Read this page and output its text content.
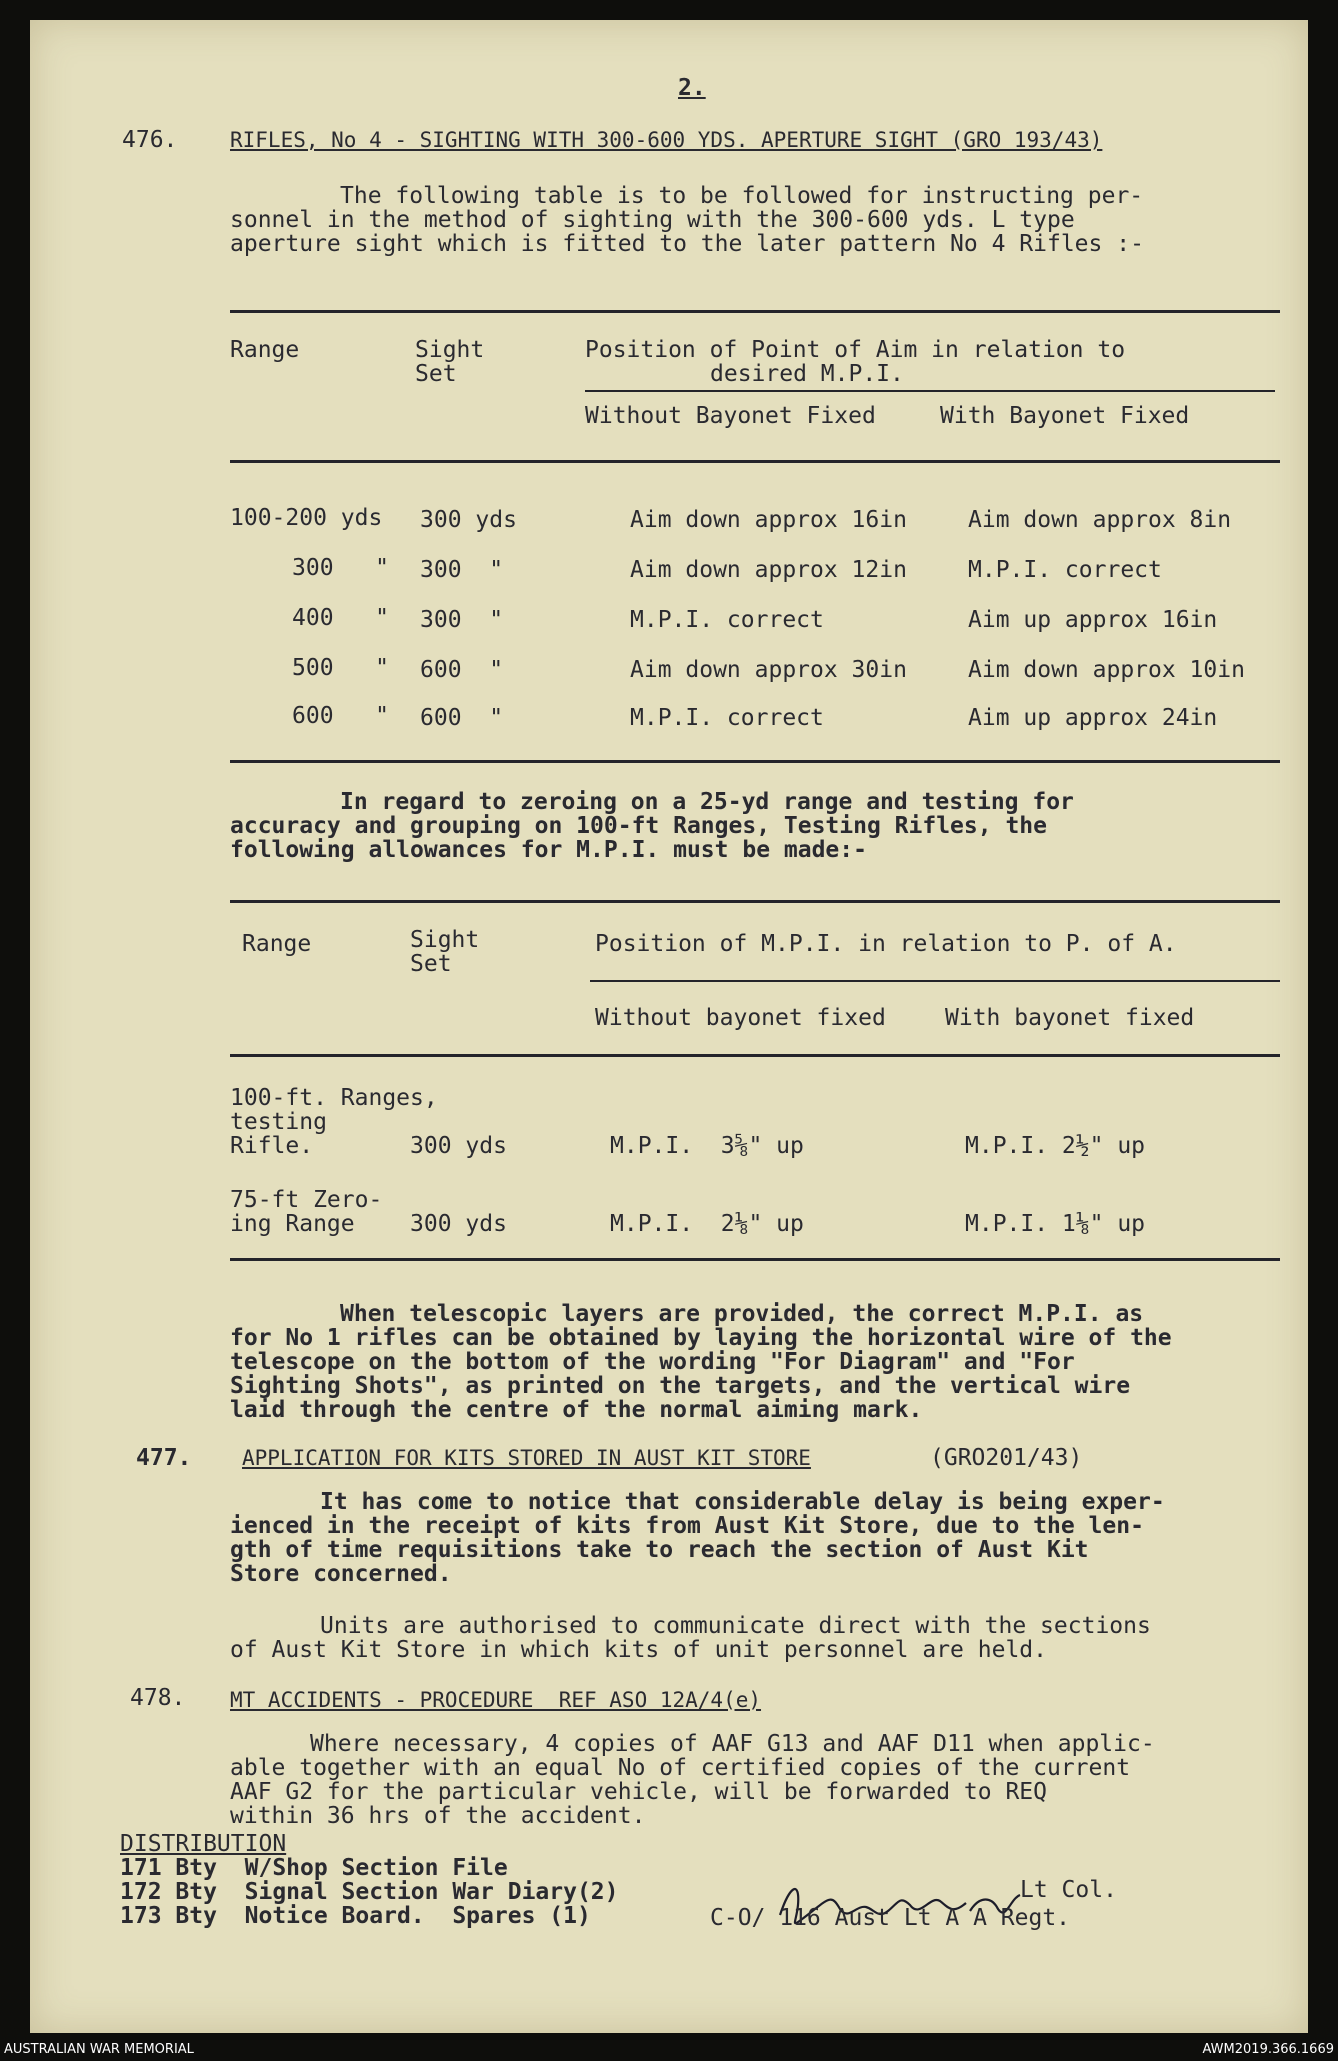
2.
476.	RIFLES, No 4 - SIGHTING WITH 300-600 YDS. APERTURE SIGHT (GRO 193/43)
The following table is to be followed for instructing per-
sonnel in the method of sighting with the 300-600 yds. L type
aperture sight which is fitted to the later pattern No 4 Rifles :-
Range	Sight
Set
Position of Point of Aim in relation to
desired M.P.I.
Without Bayonet Fixed	With Bayonet Fixed
100-200 yds 300 yds	Aim down approx 16in	Aim down approx 8in
300   " 300  "	Aim down approx 12in	M.P.I. correct
400   " 300  "	M.P.I. correct	Aim up approx 16in
500   " 600  "	Aim down approx 30in	Aim down approx 10in
600   " 600  "	M.P.I. correct	Aim up approx 24in
In regard to zeroing on a 25-yd range and testing for
accuracy and grouping on 100-ft Ranges, Testing Rifles, the
following allowances for M.P.I. must be made:-
Range	Sight
Set
Position of M.P.I. in relation to P. of A.
Without bayonet fixed	With bayonet fixed
100-ft. Ranges,
testing
Rifle.	300 yds	M.P.I.  3⅝" up	M.P.I. 2½" up
75-ft Zero-
ing Range 300 yds	M.P.I.  2⅛" up	M.P.I. 1⅛" up
When telescopic layers are provided, the correct M.P.I. as
for No 1 rifles can be obtained by laying the horizontal wire of the
telescope on the bottom of the wording "For Diagram" and "For
Sighting Shots", as printed on the targets, and the vertical wire
laid through the centre of the normal aiming mark.
477. APPLICATION FOR KITS STORED IN AUST KIT STORE	(GRO201/43)
It has come to notice that considerable delay is being exper-
ienced in the receipt of kits from Aust Kit Store, due to the len-
gth of time requisitions take to reach the section of Aust Kit
Store concerned.
Units are authorised to communicate direct with the sections
of Aust Kit Store in which kits of unit personnel are held.
478. MT ACCIDENTS - PROCEDURE  REF ASO 12A/4(e)
Where necessary, 4 copies of AAF G13 and AAF D11 when applic-
able together with an equal No of certified copies of the current
AAF G2 for the particular vehicle, will be forwarded to REQ
within 36 hrs of the accident.
DISTRIBUTION
171 Bty  W/Shop Section File
172 Bty  Signal Section War Diary(2)
173 Bty  Notice Board.  Spares (1)
Lt Col.
C-O/ 116 Aust Lt A A Regt.
AUSTRALIAN WAR MEMORIAL	AWM2019.366.1669
